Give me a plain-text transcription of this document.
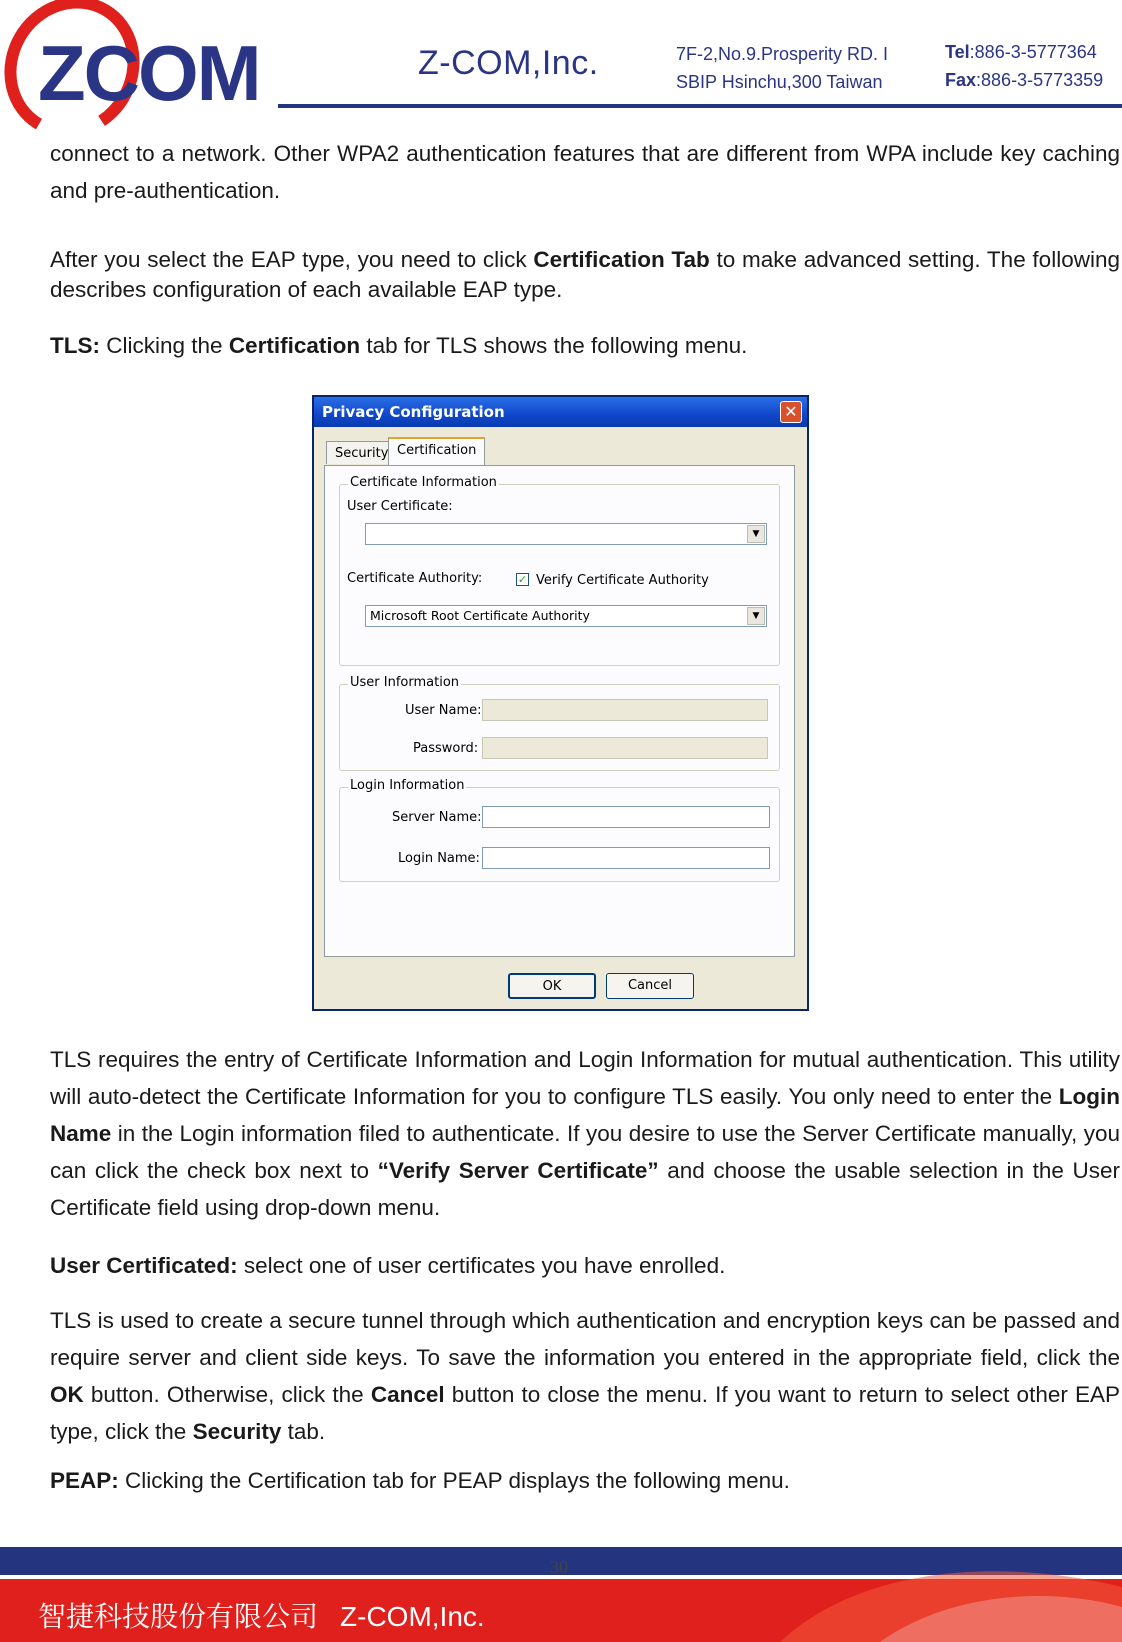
ZCOM	Z-COM,Inc.	7F-2,No.9.Prosperity RD. I
SBIP Hsinchu,300 Taiwan
Tel:886-3-5777364
Fax:886-3-5773359

connect to a network. Other WPA2 authentication features that are different from WPA include key caching and pre-authentication.

After you select the EAP type, you need to click Certification Tab to make advanced setting. The following describes configuration of each available EAP type.

TLS: Clicking the Certification tab for TLS shows the following menu.

Privacy Configuration	✕
Security Certification
Certificate Information
User Certificate:
▼
Certificate Authority:	✓ Verify Certificate Authority
Microsoft Root Certificate Authority	▼
User Information
User Name:
Password:
Login Information
Server Name:
Login Name:
OK	Cancel

TLS requires the entry of Certificate Information and Login Information for mutual authentication. This utility will auto-detect the Certificate Information for you to configure TLS easily. You only need to enter the Login Name in the Login information filed to authenticate. If you desire to use the Server Certificate manually, you can click the check box next to “Verify Server Certificate” and choose the usable selection in the User Certificate field using drop-down menu.

User Certificated: select one of user certificates you have enrolled.

TLS is used to create a secure tunnel through which authentication and encryption keys can be passed and require server and client side keys. To save the information you entered in the appropriate field, click the OK button. Otherwise, click the Cancel button to close the menu. If you want to return to select other EAP type, click the Security tab.

PEAP: Clicking the Certification tab for PEAP displays the following menu.

30
智捷科技股份有限公司 Z-COM,Inc.
